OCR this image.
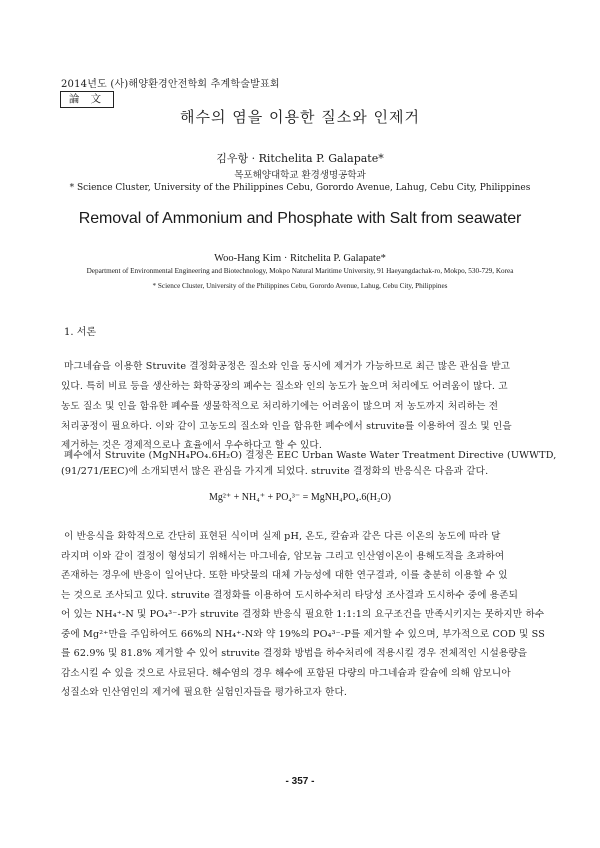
2014년도 (사)해양환경안전학회 추계학술발표회
論 文
해수의 염을 이용한 질소와 인제거
김우항 · Ritchelita P. Galapate*
목포해양대학교 환경생명공학과
* Science Cluster, University of the Philippines Cebu, Gorordo Avenue, Lahug, Cebu City, Philippines
Removal of Ammonium and Phosphate with Salt from seawater
Woo-Hang Kim · Ritchelita P. Galapate*
Department of Environmental Engineering and Biotechnology, Mokpo Natural Maritime University, 91 Haeyangdachak-ro, Mokpo, 530-729, Korea
* Science Cluster, University of the Philippines Cebu, Gorordo Avenue, Lahug, Cebu City, Philippines
1. 서론
마그네슘을 이용한 Struvite 결정화공정은 질소와 인을 동시에 제거가 가능하므로 최근 많은 관심을 받고
있다. 특히 비료 등을 생산하는 화학공장의 폐수는 질소와 인의 농도가 높으며 처리에도 어려움이 많다. 고
농도 질소 및 인을 함유한 폐수를 생물학적으로 처리하기에는 어려움이 많으며 저 농도까지 처리하는 전
처리공정이 필요하다. 이와 같이 고농도의 질소와 인을 함유한 폐수에서 struvite를 이용하여 질소 및 인을
제거하는 것은 경제적으로나 효율에서 우수하다고 할 수 있다.
폐수에서 Struvite (MgNH₄PO₄.6H₂O) 결정은 EEC Urban Waste Water Treatment Directive (UWWTD,
(91/271/EEC)에 소개되면서 많은 관심을 가지게 되었다. struvite 결정화의 반응식은 다음과 같다.
Mg²⁺ + NH₄⁺ + PO₄³⁻ = MgNH₄PO₄.6(H₂O)
이 반응식을 화학적으로 간단히 표현된 식이며 실제 pH, 온도, 칼슘과 같은 다른 이온의 농도에 따라 달
라지며 이와 같이 결정이 형성되기 위해서는 마그네슘, 암모늄 그리고 인산염이온이 용해도적을 초과하여
존재하는 경우에 반응이 일어난다. 또한 바닷물의 대체 가능성에 대한 연구결과, 이를 충분히 이용할 수 있
는 것으로 조사되고 있다. struvite 결정화를 이용하여 도시하수처리 타당성 조사결과 도시하수 중에 용존되
어 있는 NH₄⁺-N 및 PO₄³⁻-P가 struvite 결정화 반응식 필요한 1:1:1의 요구조건을 만족시키지는 못하지만 하수
중에 Mg²⁺만을 주입하여도 66%의 NH₄⁺-N와 약 19%의 PO₄³⁻-P를 제거할 수 있으며, 부가적으로 COD 및 SS
를 62.9% 및 81.8% 제거할 수 있어 struvite 결정화 방법을 하수처리에 적용시킬 경우 전체적인 시설용량을
감소시킬 수 있을 것으로 사료된다. 해수염의 경우 해수에 포함된 다량의 마그네슘과 칼슘에 의해 암모니아
성질소와 인산염인의 제거에 필요한 실험인자들을 평가하고자 한다.
- 357 -
